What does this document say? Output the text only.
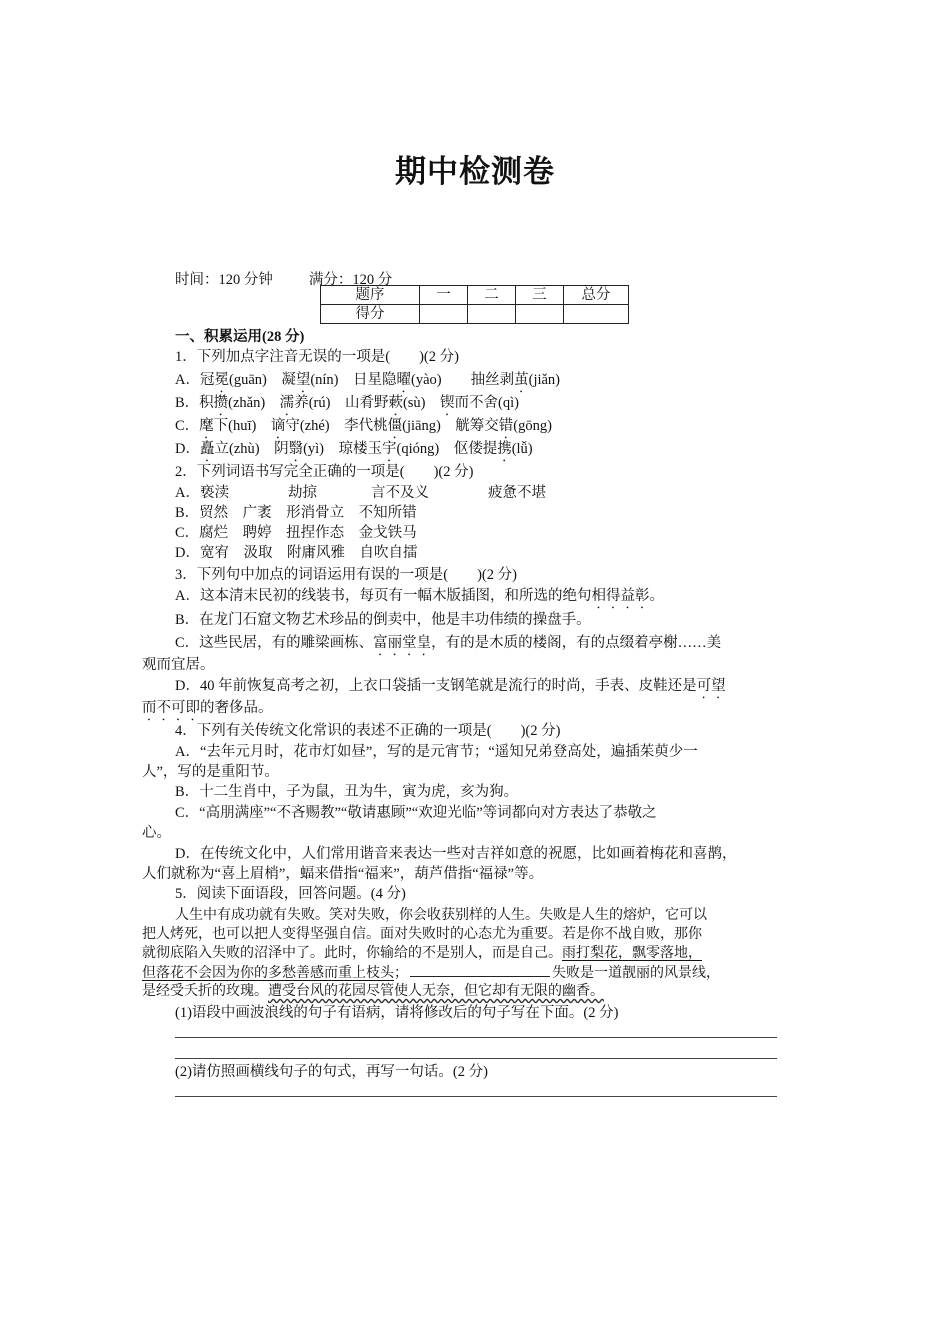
期中检测卷
时间：120 分钟 满分：120 分
题序	一	二	三	总分
得分				
一、积累运用(28 分)
1．下列加点字注音无误的一项是(　　)(2 分)
A．冠冕(guān)　凝望(nín)　日星隐曜(yào)　　抽丝剥茧(jiǎn)
B．积攒(zhǎn)　濡养(rú)　山肴野蔌(sù)　锲而不舍(qì)
C．麾下(huī)　谪守(zhé)　李代桃僵(jiāng)　觥筹交错(gōng)
D．矗立(zhù)　阴翳(yì)　琼楼玉宇(qióng)　伛偻提携(lǚ)
2．下列词语书写完全正确的一项是(　　)(2 分)
A．亵渎	劫掠	言不及义	疲惫不堪
B．贸然　广袤　形消骨立　不知所错
C．腐烂　聘婷　扭捏作态　金戈铁马
D．宽宥　汲取　附庸风雅　自吹自擂
3．下列句中加点的词语运用有误的一项是(　　)(2 分)
A．这本清末民初的线装书，每页有一幅木版插图，和所选的绝句相得益彰。
B．在龙门石窟文物艺术珍品的倒卖中，他是丰功伟绩的操盘手。
C．这些民居，有的雕梁画栋、富丽堂皇，有的是木质的楼阁，有的点缀着亭榭……美
观而宜居。
D．40 年前恢复高考之初，上衣口袋插一支钢笔就是流行的时尚，手表、皮鞋还是可望
而不可即的奢侈品。
4．下列有关传统文化常识的表述不正确的一项是(　　)(2 分)
A．“去年元月时，花市灯如昼”，写的是元宵节；“遥知兄弟登高处，遍插茱萸少一
人”，写的是重阳节。
B．十二生肖中，子为鼠，丑为牛，寅为虎，亥为狗。
C．“高朋满座”“不吝赐教”“敬请惠顾”“欢迎光临”等词都向对方表达了恭敬之
心。
D．在传统文化中，人们常用谐音来表达一些对吉祥如意的祝愿，比如画着梅花和喜鹊，
人们就称为“喜上眉梢”，蝠来借指“福来”，葫芦借指“福禄”等。
5．阅读下面语段，回答问题。(4 分)
人生中有成功就有失败。笑对失败，你会收获别样的人生。失败是人生的熔炉，它可以
把人烤死，也可以把人变得坚强自信。面对失败时的心态尤为重要。若是你不战自败，那你
就彻底陷入失败的沼泽中了。此时，你输给的不是别人，而是自己。雨打梨花，飘零落地，
但落花不会因为你的多愁善感而重上枝头；	失败是一道靓丽的风景线，
是经受夭折的玫瑰。遭受台风的花园尽管使人无奈，但它却有无限的幽香。
(1)语段中画波浪线的句子有语病，请将修改后的句子写在下面。(2 分)
(2)请仿照画横线句子的句式，再写一句话。(2 分)
